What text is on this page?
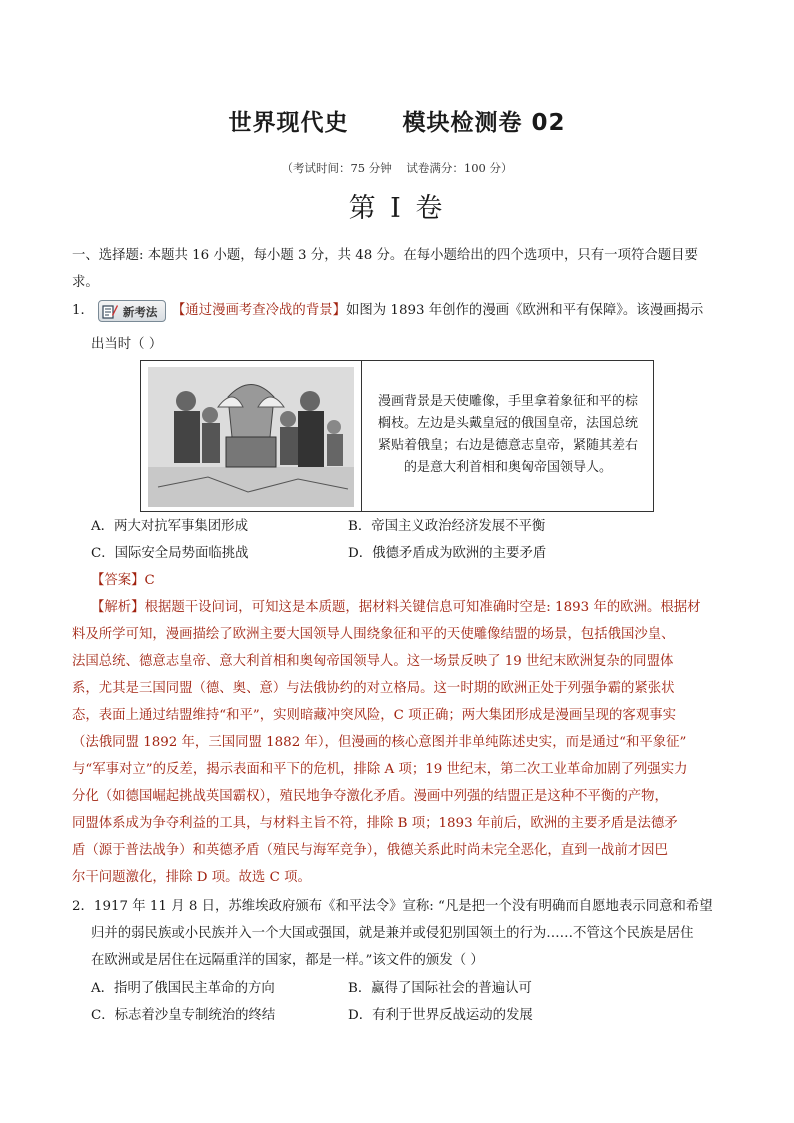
世界现代史      模块检测卷 02
（考试时间：75 分钟    试卷满分：100 分）
第 I 卷
一、选择题: 本题共 16 小题，每小题 3 分，共 48 分。在每小题给出的四个选项中，只有一项符合题目要
求。
1．	新考法 【通过漫画考查冷战的背景】如图为 1893 年创作的漫画《欧洲和平有保障》。该漫画揭示
出当时（ ）
漫画背景是天使雕像，手里拿着象征和平的棕
榈枝。左边是头戴皇冠的俄国皇帝，法国总统
紧贴着俄皇；右边是德意志皇帝，紧随其差右
的是意大利首相和奥匈帝国领导人。
A．两大对抗军事集团形成	B．帝国主义政治经济发展不平衡
C．国际安全局势面临挑战	D．俄德矛盾成为欧洲的主要矛盾
【答案】C
【解析】根据题干设问词，可知这是本质题，据材料关键信息可知准确时空是: 1893 年的欧洲。根据材
料及所学可知，漫画描绘了欧洲主要大国领导人围绕象征和平的天使雕像结盟的场景，包括俄国沙皇、
法国总统、德意志皇帝、意大利首相和奥匈帝国领导人。这一场景反映了 19 世纪末欧洲复杂的同盟体
系，尤其是三国同盟（德、奥、意）与法俄协约的对立格局。这一时期的欧洲正处于列强争霸的紧张状
态，表面上通过结盟维持“和平”，实则暗藏冲突风险，C 项正确；两大集团形成是漫画呈现的客观事实
（法俄同盟 1892 年，三国同盟 1882 年），但漫画的核心意图并非单纯陈述史实，而是通过“和平象征”
与“军事对立”的反差，揭示表面和平下的危机，排除 A 项；19 世纪末，第二次工业革命加剧了列强实力
分化（如德国崛起挑战英国霸权），殖民地争夺激化矛盾。漫画中列强的结盟正是这种不平衡的产物，
同盟体系成为争夺利益的工具，与材料主旨不符，排除 B 项；1893 年前后，欧洲的主要矛盾是法德矛
盾（源于普法战争）和英德矛盾（殖民与海军竞争），俄德关系此时尚未完全恶化，直到一战前才因巴
尔干问题激化，排除 D 项。故选 C 项。
2．1917 年 11 月 8 日，苏维埃政府颁布《和平法令》宣称: “凡是把一个没有明确而自愿地表示同意和希望
归并的弱民族或小民族并入一个大国或强国，就是兼并或侵犯别国领土的行为……不管这个民族是居住
在欧洲或是居住在远隔重洋的国家，都是一样。”该文件的颁发（ ）
A．指明了俄国民主革命的方向	B．赢得了国际社会的普遍认可
C．标志着沙皇专制统治的终结	D．有利于世界反战运动的发展
